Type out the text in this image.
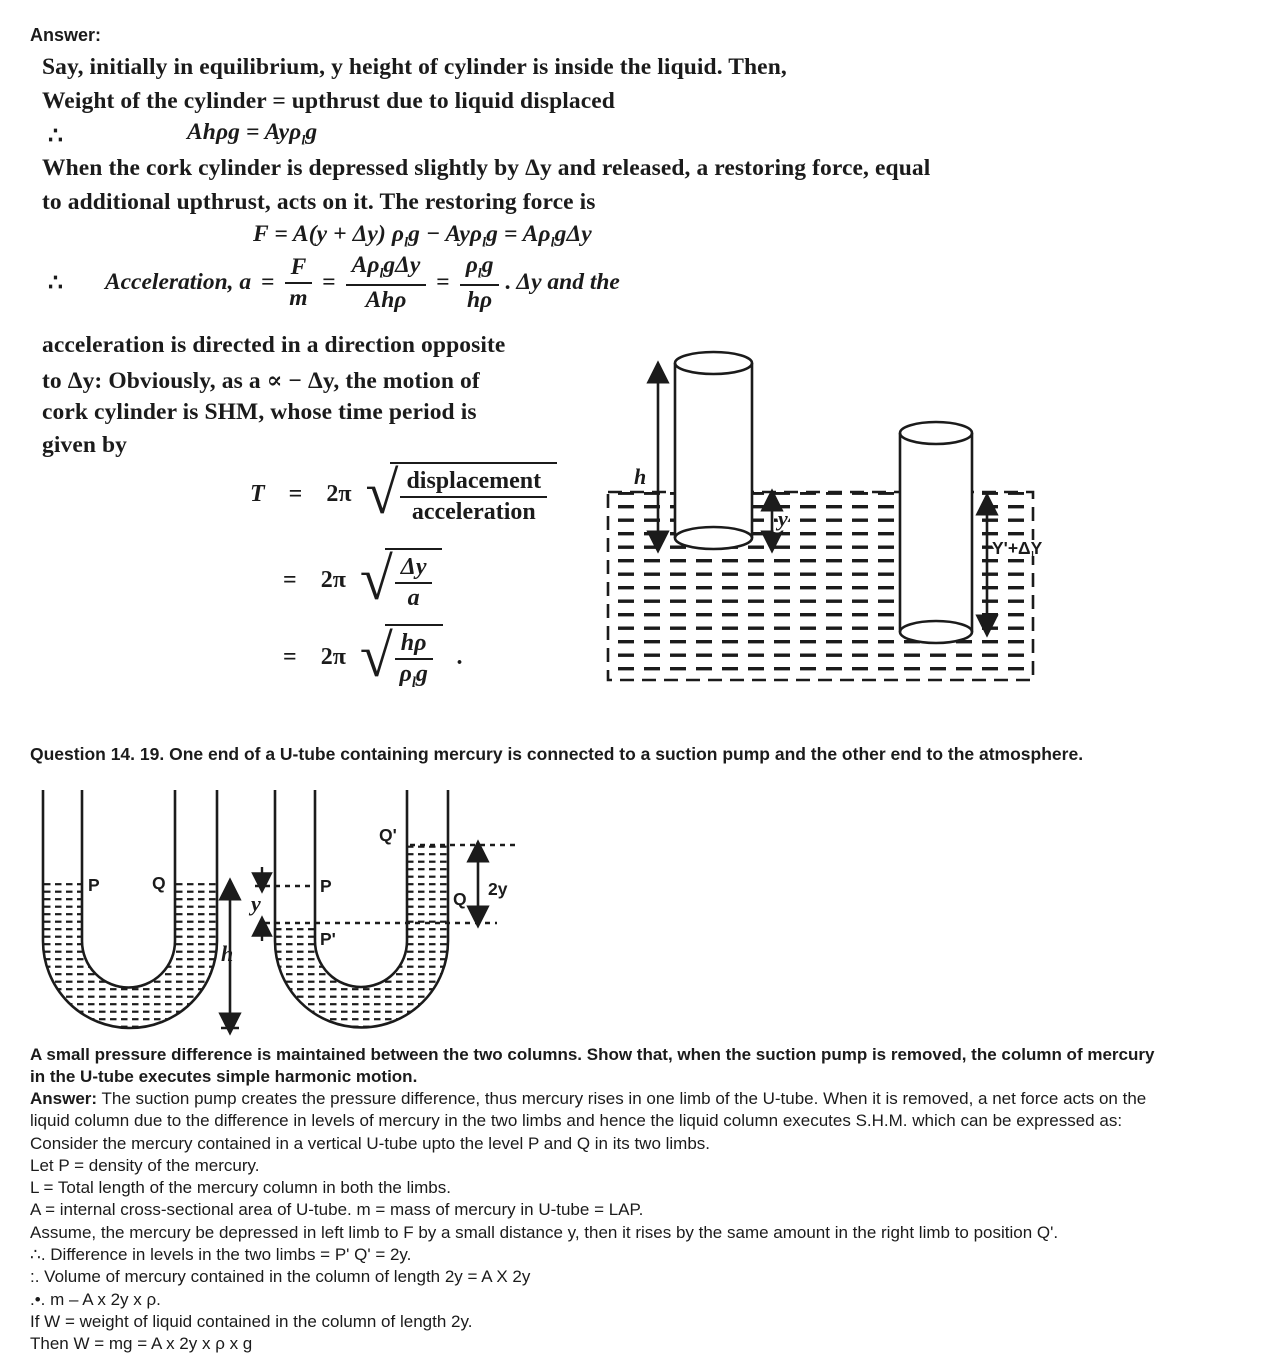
Answer:
Say, initially in equilibrium, y height of cylinder is inside the liquid. Then,
Weight of the cylinder = upthrust due to liquid displaced
∴	Ahρg = Ayρ$_l$g
When the cork cylinder is depressed slightly by Δy and released, a restoring force, equal
to additional upthrust, acts on it. The restoring force is
F = A(y + Δy) $\rho_lg - Ay\rho_lg = A\rho_lg\Delta y$
∴ Acceleration, $a = \frac{F}{m} = \frac{A\rho_lg\Delta y}{\text{Ahρ}} = \frac{\rho_lg}{h\rho}$ . Δy and the
acceleration is directed in a direction opposite
to Δy: Obviously, as a ∝ − Δy, the motion of
cork cylinder is SHM, whose time period is
given by
T = 2π √ $\frac{\text{displacement}}{\text{acceleration}}$
= 2π √ $\frac{\Delta y}{a}$
= 2π √ $\frac{h\rho}{\rho_lg}$ .
h
y
Y'+ΔY
Question 14. 19. One end of a U-tube containing mercury is connected to a suction pump and the other end to the atmosphere.
P	Q
h
y
Q'
P
P'
Q 2y
A small pressure difference is maintained between the two columns. Show that, when the suction pump is removed, the column of mercury
in the U-tube executes simple harmonic motion.
Answer: The suction pump creates the pressure difference, thus mercury rises in one limb of the U-tube. When it is removed, a net force acts on the
liquid column due to the difference in levels of mercury in the two limbs and hence the liquid column executes S.H.M. which can be expressed as:
Consider the mercury contained in a vertical U-tube upto the level P and Q in its two limbs.
Let P = density of the mercury.
L = Total length of the mercury column in both the limbs.
A = internal cross-sectional area of U-tube. m = mass of mercury in U-tube = LAP.
Assume, the mercury be depressed in left limb to F by a small distance y, then it rises by the same amount in the right limb to position Q'.
∴. Difference in levels in the two limbs = P' Q' = 2y.
:. Volume of mercury contained in the column of length 2y = A X 2y
.•. m – A x 2y x ρ.
If W = weight of liquid contained in the column of length 2y.
Then W = mg = A x 2y x ρ x g
